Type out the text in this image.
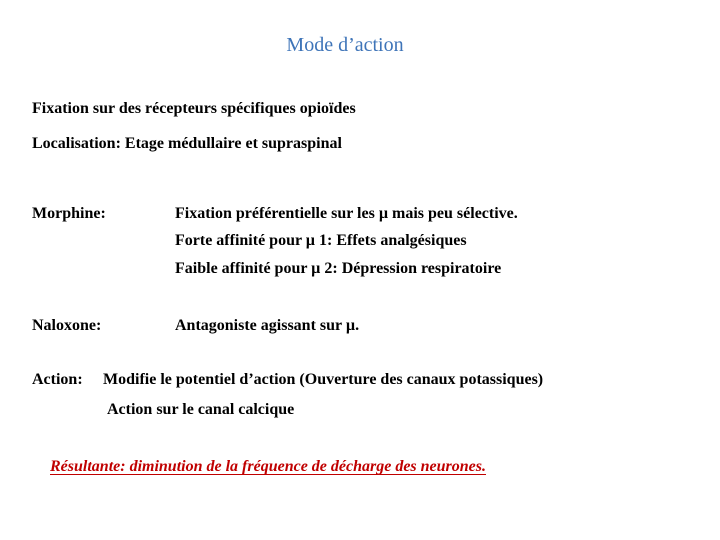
Mode d’action
Fixation sur des récepteurs spécifiques opioïdes
Localisation: Etage médullaire et supraspinal
Morphine:	Fixation préférentielle sur les µ mais peu sélective.
Forte affinité pour µ 1: Effets analgésiques
Faible affinité pour µ 2: Dépression respiratoire
Naloxone:	Antagoniste agissant sur µ.
Action: Modifie le potentiel d’action (Ouverture des canaux potassiques)
Action sur le canal calcique
Résultante: diminution de la fréquence de décharge des neurones.
